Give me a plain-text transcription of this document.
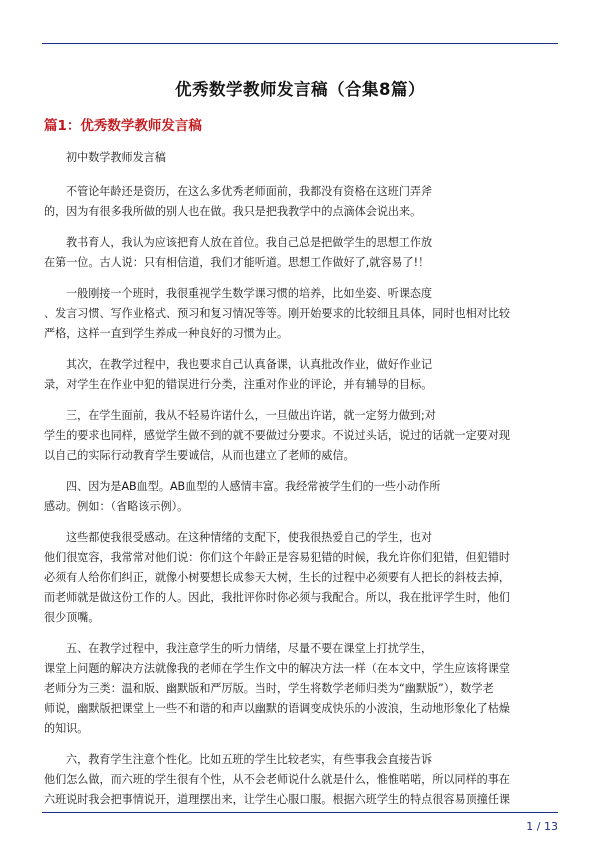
优秀数学教师发言稿（合集8篇）
篇1：优秀数学教师发言稿

初中数学教师发言稿

不管论年龄还是资历，在这么多优秀老师面前，我都没有资格在这班门弄斧
的，因为有很多我所做的别人也在做。我只是把我教学中的点滴体会说出来。

教书育人，我认为应该把育人放在首位。我自己总是把做学生的思想工作放
在第一位。古人说：只有相信道，我们才能听道。思想工作做好了,就容易了!！

一般刚接一个班时，我很重视学生数学课习惯的培养，比如坐姿、听课态度
、发言习惯、写作业格式、预习和复习情况等等。刚开始要求的比较细且具体，同时也相对比较
严格，这样一直到学生养成一种良好的习惯为止。

其次，在教学过程中，我也要求自己认真备课，认真批改作业，做好作业记
录，对学生在作业中犯的错误进行分类，注重对作业的评论，并有辅导的目标。

三，在学生面前，我从不轻易许诺什么，一旦做出许诺，就一定努力做到;对
学生的要求也同样，感觉学生做不到的就不要做过分要求。不说过头话，说过的话就一定要对现
以自己的实际行动教育学生要诚信，从而也建立了老师的威信。

四、因为是AB血型。AB血型的人感情丰富。我经常被学生们的一些小动作所
感动。例如：（省略该示例）。

这些都使我很受感动。在这种情绪的支配下，使我很热爱自己的学生，也对
他们很宽容，我常常对他们说：你们这个年龄正是容易犯错的时候，我允许你们犯错，但犯错时
必须有人给你们纠正，就像小树要想长成参天大树，生长的过程中必须要有人把长的斜枝去掉，
而老师就是做这份工作的人。因此，我批评你时你必须与我配合。所以，我在批评学生时，他们
很少顶嘴。

五、在教学过程中，我注意学生的听力情绪，尽量不要在课堂上打扰学生，
课堂上问题的解决方法就像我的老师在学生作文中的解决方法一样（在本文中，学生应该将课堂
老师分为三类：温和版、幽默版和严厉版。当时，学生将数学老师归类为“幽默版”），数学老
师说，幽默版把课堂上一些不和谐的和声以幽默的语调变成快乐的小波浪，生动地形象化了枯燥
的知识。

六，教育学生注意个性化。比如五班的学生比较老实，有些事我会直接告诉
他们怎么做，而六班的学生很有个性，从不会老师说什么就是什么，惟惟喏喏，所以同样的事在
六班说时我会把事情说开，道理摆出来，让学生心服口服。根据六班学生的特点很容易顶撞任课

1 / 13
